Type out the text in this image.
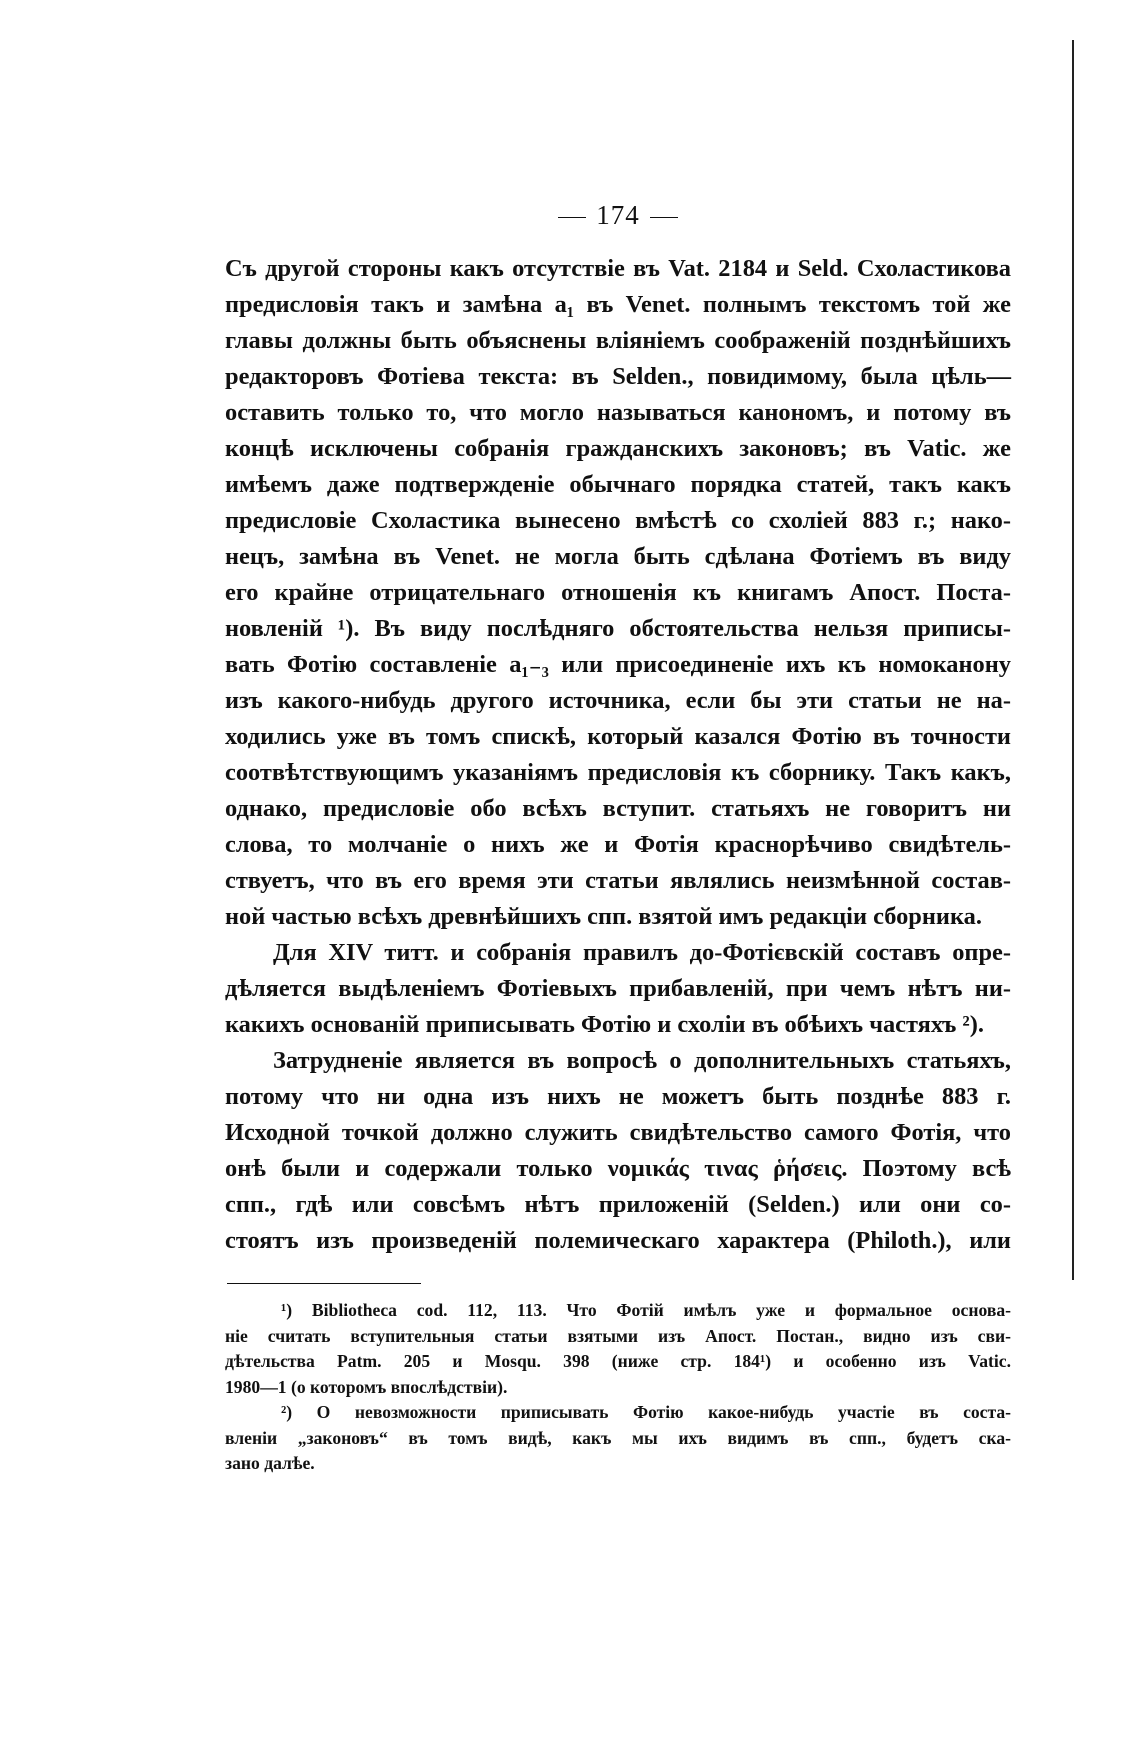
174
Съ другой стороны какъ отсутствіе въ Vat. 2184 и Seld. Схоластикова
предисловія такъ и замѣна a₁ въ Venet. полнымъ текстомъ той же
главы должны быть объяснены вліяніемъ соображеній позднѣйшихъ
редакторовъ Фотіева текста: въ Selden., повидимому, была цѣль—
оставить только то, что могло называться канономъ, и потому въ
концѣ исключены собранія гражданскихъ законовъ; въ Vatic. же
имѣемъ даже подтвержденіе обычнаго порядка статей, такъ какъ
предисловіе Схоластика вынесено вмѣстѣ со схоліей 883 г.; нако-
нецъ, замѣна въ Venet. не могла быть сдѣлана Фотіемъ въ виду
его крайне отрицательнаго отношенія къ книгамъ Апост. Поста-
новленій ¹). Въ виду послѣдняго обстоятельства нельзя приписы-
вать Фотію составленіе a₁₋₃ или присоединеніе ихъ къ номоканону
изъ какого-нибудь другого источника, если бы эти статьи не на-
ходились уже въ томъ спискѣ, который казался Фотію въ точности
соотвѣтствующимъ указаніямъ предисловія къ сборнику. Такъ какъ,
однако, предисловіе обо всѣхъ вступит. статьяхъ не говоритъ ни
слова, то молчаніе о нихъ же и Фотія краснорѣчиво свидѣтель-
ствуетъ, что въ его время эти статьи являлись неизмѣнной состав-
ной частью всѣхъ древнѣйшихъ спп. взятой имъ редакціи сборника.
Для XIV титт. и собранія правилъ до-Фотієвскій составъ опре-
дѣляется выдѣленіемъ Фотіевыхъ прибавленій, при чемъ нѣтъ ни-
какихъ основаній приписывать Фотію и схоліи въ обѣихъ частяхъ ²).
Затрудненіе является въ вопросѣ о дополнительныхъ статьяхъ,
потому что ни одна изъ нихъ не можетъ быть позднѣе 883 г.
Исходной точкой должно служить свидѣтельство самого Фотія, что
онѣ были и содержали только νομικάς τινας ῥήσεις. Поэтому всѣ
спп., гдѣ или совсѣмъ нѣтъ приложеній (Selden.) или они со-
стоятъ изъ произведеній полемическаго характера (Philoth.), или
¹) Bibliotheca cod. 112, 113. Что Фотій имѣлъ уже и формальное основа-
ніе считать вступительныя статьи взятыми изъ Апост. Постан., видно изъ сви-
дѣтельства Patm. 205 и Mosqu. 398 (ниже стр. 184¹) и особенно изъ Vatic.
1980—1 (о которомъ впослѣдствіи).
²) О невозможности приписывать Фотію какое-нибудь участіе въ соста-
вленіи „законовъ“ въ томъ видѣ, какъ мы ихъ видимъ въ спп., будетъ ска-
зано далѣе.
